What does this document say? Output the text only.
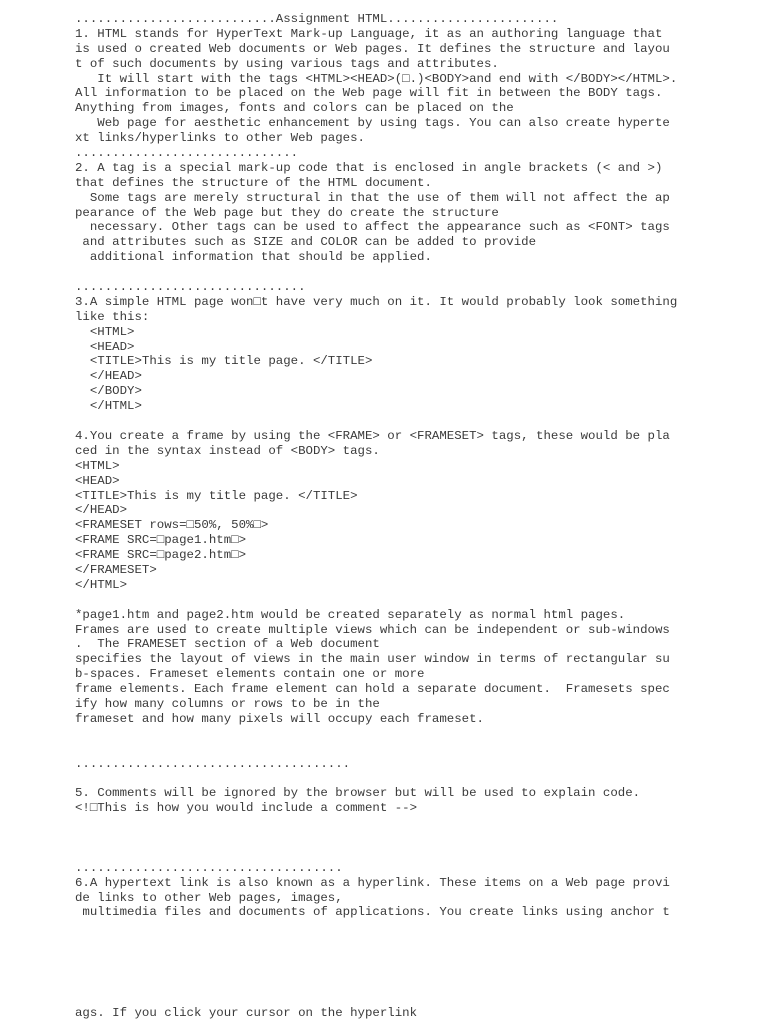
...........................Assignment HTML.......................
1. HTML stands for HyperText Mark-up Language, it as an authoring language that
is used o created Web documents or Web pages. It defines the structure and layou
t of such documents by using various tags and attributes.
It will start with the tags <HTML><HEAD>(□.)<BODY>and end with </BODY></HTML>.
All information to be placed on the Web page will fit in between the BODY tags.
Anything from images, fonts and colors can be placed on the
Web page for aesthetic enhancement by using tags. You can also create hyperte
xt links/hyperlinks to other Web pages.
..............................
2. A tag is a special mark-up code that is enclosed in angle brackets (< and >)
that defines the structure of the HTML document.
Some tags are merely structural in that the use of them will not affect the ap
pearance of the Web page but they do create the structure
necessary. Other tags can be used to affect the appearance such as <FONT> tags
and attributes such as SIZE and COLOR can be added to provide
additional information that should be applied.
...............................
3.A simple HTML page won□t have very much on it. It would probably look something
like this:
<HTML>
<HEAD>
<TITLE>This is my title page. </TITLE>
</HEAD>
</BODY>
</HTML>
4.You create a frame by using the <FRAME> or <FRAMESET> tags, these would be pla
ced in the syntax instead of <BODY> tags.
<HTML>
<HEAD>
<TITLE>This is my title page. </TITLE>
</HEAD>
<FRAMESET rows=□50%, 50%□>
<FRAME SRC=□page1.htm□>
<FRAME SRC=□page2.htm□>
</FRAMESET>
</HTML>
*page1.htm and page2.htm would be created separately as normal html pages.
Frames are used to create multiple views which can be independent or sub-windows
.  The FRAMESET section of a Web document
specifies the layout of views in the main user window in terms of rectangular su
b-spaces. Frameset elements contain one or more
frame elements. Each frame element can hold a separate document.  Framesets spec
ify how many columns or rows to be in the
frameset and how many pixels will occupy each frameset.
.....................................
5. Comments will be ignored by the browser but will be used to explain code.
<!□This is how you would include a comment -->
....................................
6.A hypertext link is also known as a hyperlink. These items on a Web page provi
de links to other Web pages, images,
multimedia files and documents of applications. You create links using anchor t
ags. If you click your cursor on the hyperlink
